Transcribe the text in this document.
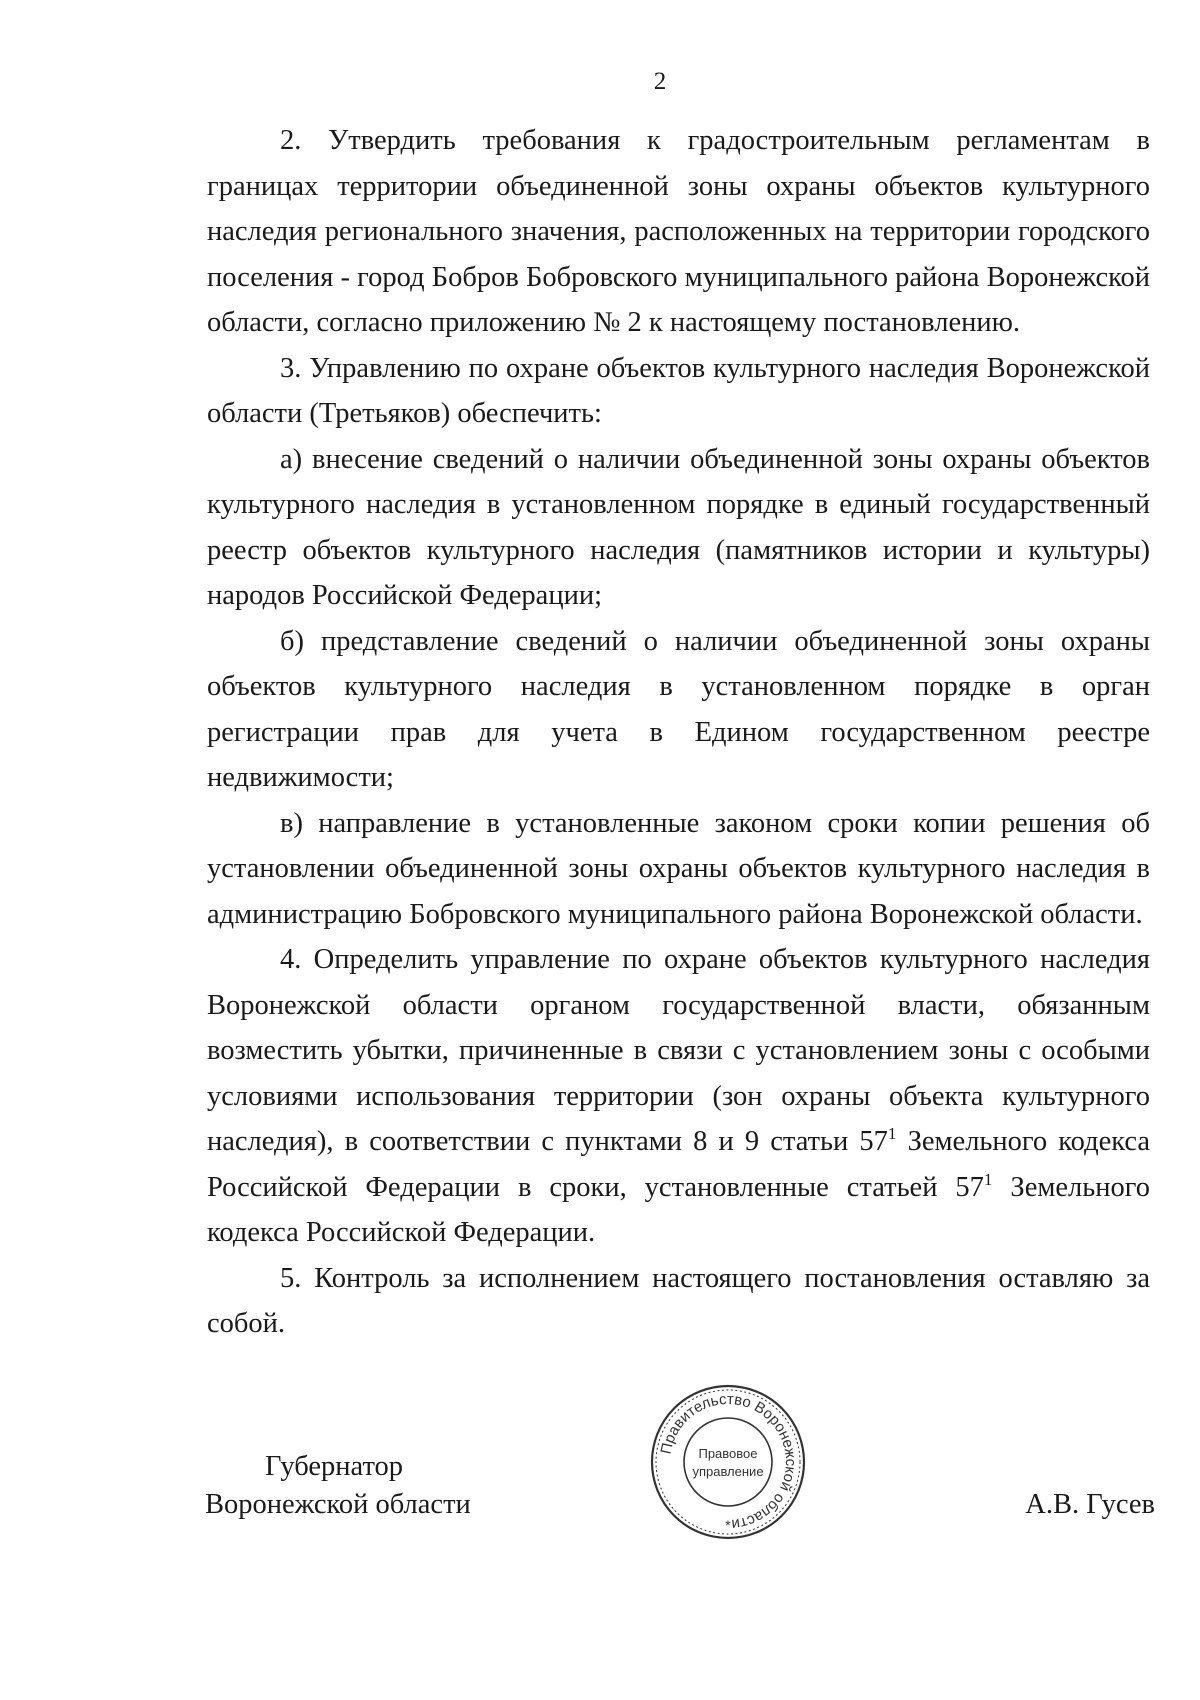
2

2. Утвердить требования к градостроительным регламентам в границах территории объединенной зоны охраны объектов культурного наследия регионального значения, расположенных на территории городского поселения - город Бобров Бобровского муниципального района Воронежской области, согласно приложению № 2 к настоящему постановлению.

3. Управлению по охране объектов культурного наследия Воронежской области (Третьяков) обеспечить:

а) внесение сведений о наличии объединенной зоны охраны объектов культурного наследия в установленном порядке в единый государственный реестр объектов культурного наследия (памятников истории и культуры) народов Российской Федерации;

б) представление сведений о наличии объединенной зоны охраны объектов культурного наследия в установленном порядке в орган регистрации прав для учета в Едином государственном реестре недвижимости;

в) направление в установленные законом сроки копии решения об установлении объединенной зоны охраны объектов культурного наследия в администрацию Бобровского муниципального района Воронежской области.

4. Определить управление по охране объектов культурного наследия Воронежской области органом государственной власти, обязанным возместить убытки, причиненные в связи с установлением зоны с особыми условиями использования территории (зон охраны объекта культурного наследия), в соответствии с пунктами 8 и 9 статьи $57^1$ Земельного кодекса Российской Федерации в сроки, установленные статьей $57^1$ Земельного кодекса Российской Федерации.

5. Контроль за исполнением настоящего постановления оставляю за собой.

Губернатор
Воронежской области	А.В. Гусев
Правительство Воронежской области
Правовое
управление
*
